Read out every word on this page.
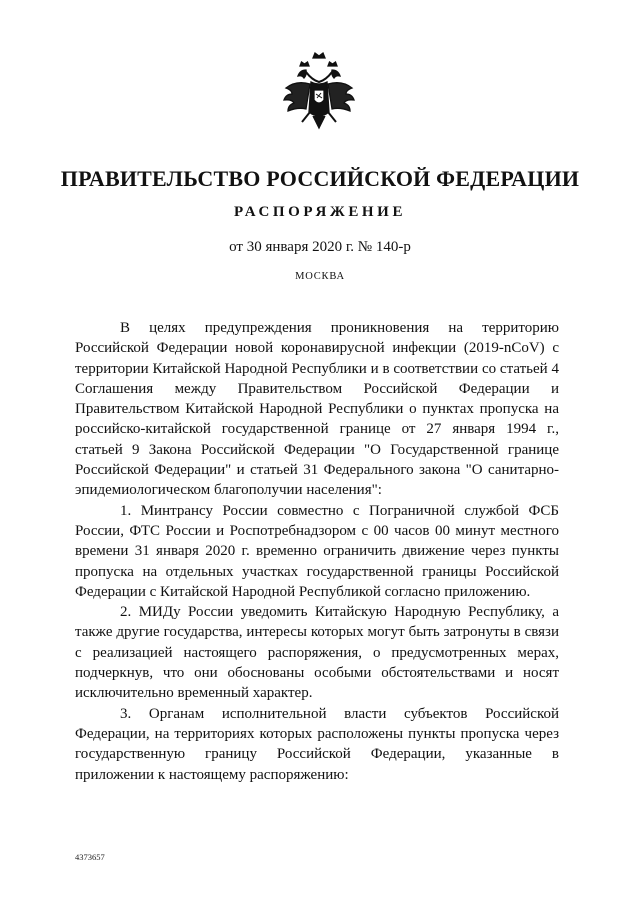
ПРАВИТЕЛЬСТВО РОССИЙСКОЙ ФЕДЕРАЦИИ
РАСПОРЯЖЕНИЕ
от 30 января 2020 г. № 140-р
МОСКВА

В целях предупреждения проникновения на территорию Российской Федерации новой коронавирусной инфекции (2019-nCoV) с территории Китайской Народной Республики и в соответствии со статьей 4 Соглашения между Правительством Российской Федерации и Правительством Китайской Народной Республики о пунктах пропуска на российско-китайской государственной границе от 27 января 1994 г., статьей 9 Закона Российской Федерации "О Государственной границе Российской Федерации" и статьей 31 Федерального закона "О санитарно-эпидемиологическом благополучии населения":

1. Минтрансу России совместно с Пограничной службой ФСБ России, ФТС России и Роспотребнадзором с 00 часов 00 минут местного времени 31 января 2020 г. временно ограничить движение через пункты пропуска на отдельных участках государственной границы Российской Федерации с Китайской Народной Республикой согласно приложению.

2. МИДу России уведомить Китайскую Народную Республику, а также другие государства, интересы которых могут быть затронуты в связи с реализацией настоящего распоряжения, о предусмотренных мерах, подчеркнув, что они обоснованы особыми обстоятельствами и носят исключительно временный характер.

3. Органам исполнительной власти субъектов Российской Федерации, на территориях которых расположены пункты пропуска через государственную границу Российской Федерации, указанные в приложении к настоящему распоряжению:

4373657
